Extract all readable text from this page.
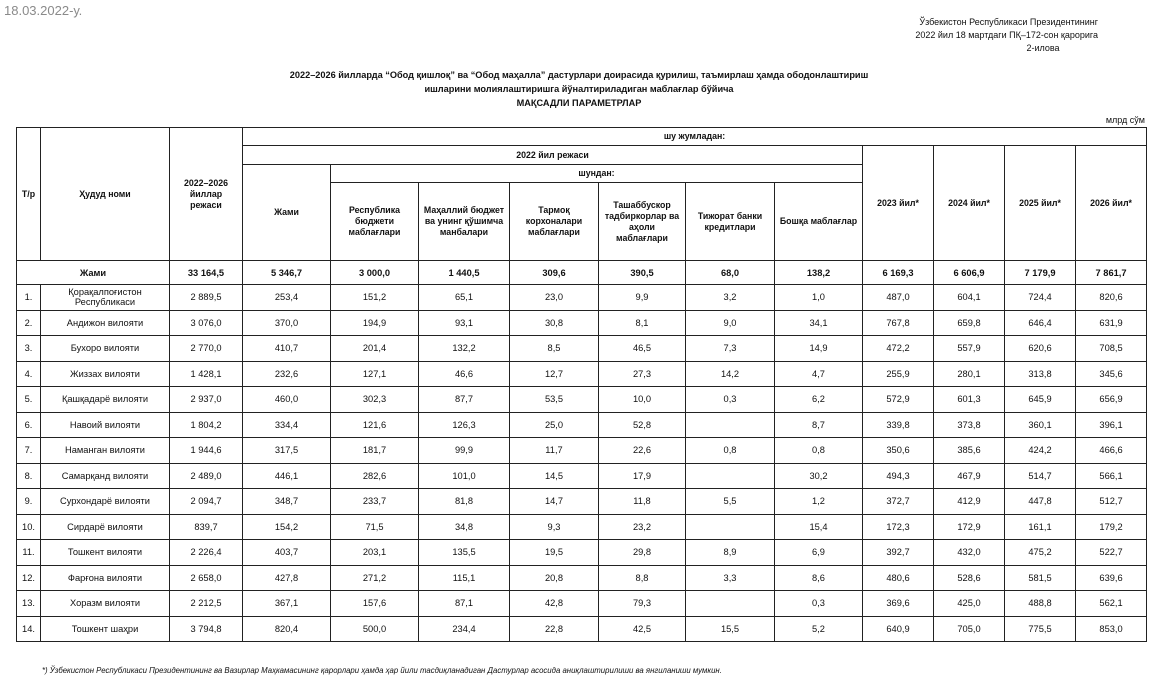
18.03.2022-у.
Ўзбекистон Республикаси Президентининг
2022 йил 18 мартдаги ПҚ–172-сон қарорига
2-илова
2022–2026 йилларда “Обод қишлоқ” ва “Обод маҳалла” дастурлари доирасида қурилиш, таъмирлаш ҳамда ободонлаштириш
ишларини молиялаштиришга йўналтириладиган маблағлар бўйича
МАҚСАДЛИ ПАРАМЕТРЛАР
млрд сўм
Т/р	Ҳудуд номи	2022–2026 йиллар режаси	шу жумладан:										
			2022 йил режаси							2023 йил*	2024 йил*	2025 йил*	2026 йил*
			Жами	шундан:									
				Республика бюджети маблағлари	Маҳаллий бюджет ва унинг қўшимча манбалари	Тармоқ корхоналари маблағлари	Ташаббускор тадбиркорлар ва аҳоли маблағлари	Тижорат банки кредитлари	Бошқа маблағлар				
Жами		33 164,5	5 346,7	3 000,0	1 440,5	309,6	390,5	68,0	138,2	6 169,3	6 606,9	7 179,9	7 861,7
1.	Қорақалпоғистон Республикаси	2 889,5	253,4	151,2	65,1	23,0	9,9	3,2	1,0	487,0	604,1	724,4	820,6
2.	Андижон вилояти	3 076,0	370,0	194,9	93,1	30,8	8,1	9,0	34,1	767,8	659,8	646,4	631,9
3.	Бухоро вилояти	2 770,0	410,7	201,4	132,2	8,5	46,5	7,3	14,9	472,2	557,9	620,6	708,5
4.	Жиззах вилояти	1 428,1	232,6	127,1	46,6	12,7	27,3	14,2	4,7	255,9	280,1	313,8	345,6
5.	Қашқадарё вилояти	2 937,0	460,0	302,3	87,7	53,5	10,0	0,3	6,2	572,9	601,3	645,9	656,9
6.	Навоий вилояти	1 804,2	334,4	121,6	126,3	25,0	52,8		8,7	339,8	373,8	360,1	396,1
7.	Наманган вилояти	1 944,6	317,5	181,7	99,9	11,7	22,6	0,8	0,8	350,6	385,6	424,2	466,6
8.	Самарқанд вилояти	2 489,0	446,1	282,6	101,0	14,5	17,9		30,2	494,3	467,9	514,7	566,1
9.	Сурхондарё вилояти	2 094,7	348,7	233,7	81,8	14,7	11,8	5,5	1,2	372,7	412,9	447,8	512,7
10.	Сирдарё вилояти	839,7	154,2	71,5	34,8	9,3	23,2		15,4	172,3	172,9	161,1	179,2
11.	Тошкент вилояти	2 226,4	403,7	203,1	135,5	19,5	29,8	8,9	6,9	392,7	432,0	475,2	522,7
12.	Фарғона вилояти	2 658,0	427,8	271,2	115,1	20,8	8,8	3,3	8,6	480,6	528,6	581,5	639,6
13.	Хоразм вилояти	2 212,5	367,1	157,6	87,1	42,8	79,3		0,3	369,6	425,0	488,8	562,1
14.	Тошкент шаҳри	3 794,8	820,4	500,0	234,4	22,8	42,5	15,5	5,2	640,9	705,0	775,5	853,0
*) Ўзбекистон Республикаси Президентининг ва Вазирлар Маҳкамасининг қарорлари ҳамда ҳар йили тасдиқланадиган Дастурлар асосида аниқлаштирилиши ва янгиланиши мумкин.
